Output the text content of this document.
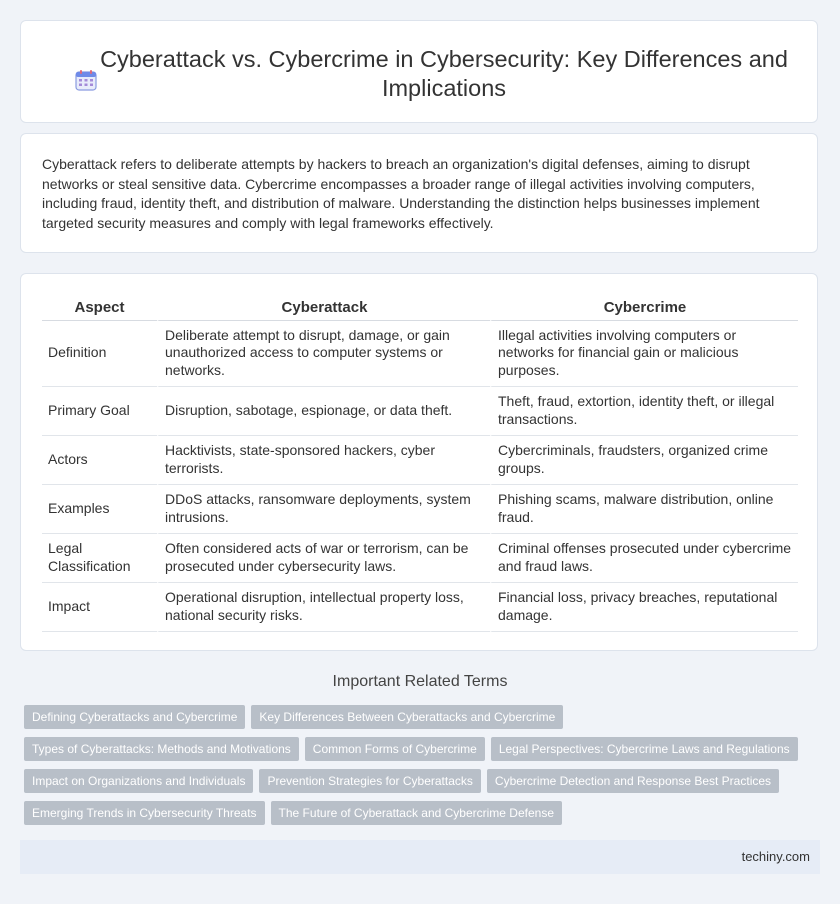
Cyberattack vs. Cybercrime in Cybersecurity: Key Differences and Implications

Cyberattack refers to deliberate attempts by hackers to breach an organization's digital defenses, aiming to disrupt networks or steal sensitive data. Cybercrime encompasses a broader range of illegal activities involving computers, including fraud, identity theft, and distribution of malware. Understanding the distinction helps businesses implement targeted security measures and comply with legal frameworks effectively.

Aspect	Cyberattack	Cybercrime
Definition	Deliberate attempt to disrupt, damage, or gain unauthorized access to computer systems or networks.	Illegal activities involving computers or networks for financial gain or malicious purposes.
Primary Goal	Disruption, sabotage, espionage, or data theft.	Theft, fraud, extortion, identity theft, or illegal transactions.
Actors	Hacktivists, state-sponsored hackers, cyber terrorists.	Cybercriminals, fraudsters, organized crime groups.
Examples	DDoS attacks, ransomware deployments, system intrusions.	Phishing scams, malware distribution, online fraud.
Legal Classification	Often considered acts of war or terrorism, can be prosecuted under cybersecurity laws.	Criminal offenses prosecuted under cybercrime and fraud laws.
Impact	Operational disruption, intellectual property loss, national security risks.	Financial loss, privacy breaches, reputational damage.
Important Related Terms
Defining Cyberattacks and Cybercrime Key Differences Between Cyberattacks and Cybercrime
Types of Cyberattacks: Methods and Motivations Common Forms of Cybercrime Legal Perspectives: Cybercrime Laws and Regulations
Impact on Organizations and Individuals Prevention Strategies for Cyberattacks Cybercrime Detection and Response Best Practices
Emerging Trends in Cybersecurity Threats The Future of Cyberattack and Cybercrime Defense
techiny.com
